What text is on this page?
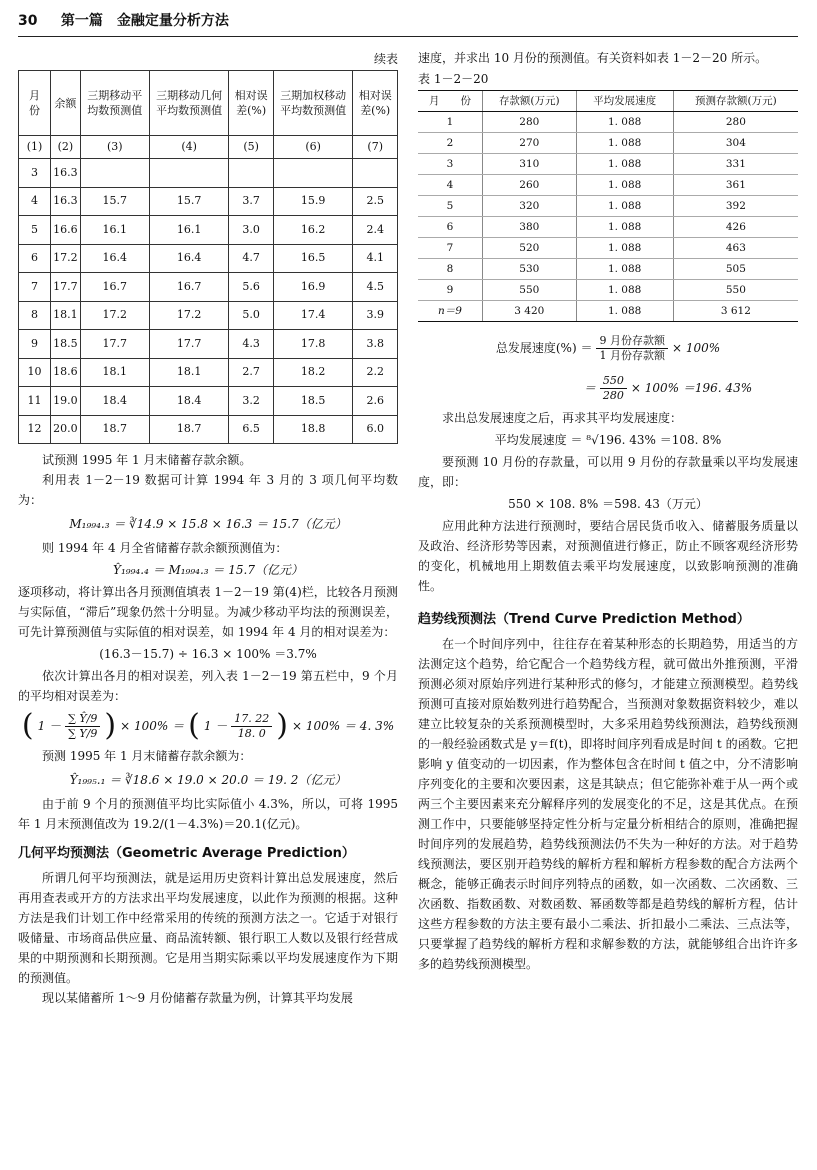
30 第一篇　金融定量分析方法
续表
月　份	余额	三期移动平均数预测值	三期移动几何平均数预测值	相对误差(%)	三期加权移动平均数预测值	相对误差(%)
(1)	(2)	(3)	(4)	(5)	(6)	(7)
3	16.3					
4	16.3	15.7	15.7	3.7	15.9	2.5
5	16.6	16.1	16.1	3.0	16.2	2.4
6	17.2	16.4	16.4	4.7	16.5	4.1
7	17.7	16.7	16.7	5.6	16.9	4.5
8	18.1	17.2	17.2	5.0	17.4	3.9
9	18.5	17.7	17.7	4.3	17.8	3.8
10	18.6	18.1	18.1	2.7	18.2	2.2
11	19.0	18.4	18.4	3.2	18.5	2.6
12	20.0	18.7	18.7	6.5	18.8	6.0

试预测 1995 年 1 月末储蓄存款余额。

利用表 1－2－19 数据可计算 1994 年 3 月的 3 项几何平均数为：

M₁₉₉₄.₃ ＝ ∛14.9 × 15.8 × 16.3 ＝ 15.7（亿元）

则 1994 年 4 月全省储蓄存款余额预测值为：

Ŷ₁₉₉₄.₄ ＝ M₁₉₉₄.₃ ＝ 15.7（亿元）

逐项移动，将计算出各月预测值填表 1－2－19 第(4)栏，比较各月预测与实际值，“滞后”现象仍然十分明显。为减少移动平均法的预测误差，可先计算预测值与实际值的相对误差，如 1994 年 4 月的相对误差为：

(16.3－15.7) ÷ 16.3 × 100% ＝3.7%

依次计算出各月的相对误差，列入表 1－2－19 第五栏中，9 个月的平均相对误差为：

( $1 - \frac{\sum Ŷ/9}{\sum Y/9}$ ) × 100% ＝ ( $1 - \frac{17. 22}{18. 0}$ ) × 100% ＝ 4. 3%

预测 1995 年 1 月末储蓄存款余额为：

Ŷ₁₉₉₅.₁ ＝ ∛18.6 × 19.0 × 20.0 ＝ 19. 2（亿元）

由于前 9 个月的预测值平均比实际值小 4.3%，所以，可将 1995 年 1 月末预测值改为 19.2/(1－4.3%)＝20.1(亿元)。

几何平均预测法（Geometric Average Prediction）

所谓几何平均预测法，就是运用历史资料计算出总发展速度，然后再用查表或开方的方法求出平均发展速度，以此作为预测的根据。这种方法是我们计划工作中经常采用的传统的预测方法之一。它适于对银行吸储量、市场商品供应量、商品流转额、银行职工人数以及银行经营成果的中期预测和长期预测。它是用当期实际乘以平均发展速度作为下期的预测值。

现以某储蓄所 1～9 月份储蓄存款量为例，计算其平均发展

速度，并求出 10 月份的预测值。有关资料如表 1－2－20 所示。

表 1－2－20
月　　份	存款额(万元)	平均发展速度	预测存款额(万元)
1	280	1. 088	280
2	270	1. 088	304
3	310	1. 088	331
4	260	1. 088	361
5	320	1. 088	392
6	380	1. 088	426
7	520	1. 088	463
8	530	1. 088	505
9	550	1. 088	550
n＝9	3 420	1. 088	3 612
总发展速度(%) ＝ $\frac{\text{9 月份存款额}}{\text{1 月份存款额}} \times 100\%$
＝ $\frac{550}{280} \times 100\% =196$. 43%

求出总发展速度之后，再求其平均发展速度：

平均发展速度 ＝ ⁸√196. 43% ＝108. 8%

要预测 10 月份的存款量，可以用 9 月份的存款量乘以平均发展速度，即：

550 × 108. 8% ＝598. 43（万元）

应用此种方法进行预测时，要结合居民货币收入、储蓄服务质量以及政治、经济形势等因素，对预测值进行修正，防止不顾客观经济形势的变化，机械地用上期数值去乘平均发展速度，以致影响预测的准确性。

趋势线预测法（Trend Curve Prediction Method）

在一个时间序列中，往往存在着某种形态的长期趋势，用适当的方法测定这个趋势，给它配合一个趋势线方程，就可做出外推预测，平滑预测必须对原始序列进行某种形式的修匀，才能建立预测模型。趋势线预测可直接对原始数列进行趋势配合，当预测对象数据资料较少，难以建立比较复杂的关系预测模型时，大多采用趋势线预测法，趋势线预测的一般经验函数式是 y＝f(t)，即将时间序列看成是时间 t 的函数。它把影响 y 值变动的一切因素，作为整体包含在时间 t 值之中，分不清影响序列变化的主要和次要因素，这是其缺点；但它能弥补难于从一两个或两三个主要因素来充分解释序列的发展变化的不足，这是其优点。在预测工作中，只要能够坚持定性分析与定量分析相结合的原则，准确把握时间序列的发展趋势，趋势线预测法仍不失为一种好的方法。对于趋势线预测法，要区别开趋势线的解析方程和解析方程参数的配合方法两个概念，能够正确表示时间序列特点的函数，如一次函数、二次函数、三次函数、指数函数、对数函数、幂函数等都是趋势线的解析方程，估计这些方程参数的方法主要有最小二乘法、折扣最小二乘法、三点法等，只要掌握了趋势线的解析方程和求解参数的方法，就能够组合出许许多多的趋势线预测模型。
